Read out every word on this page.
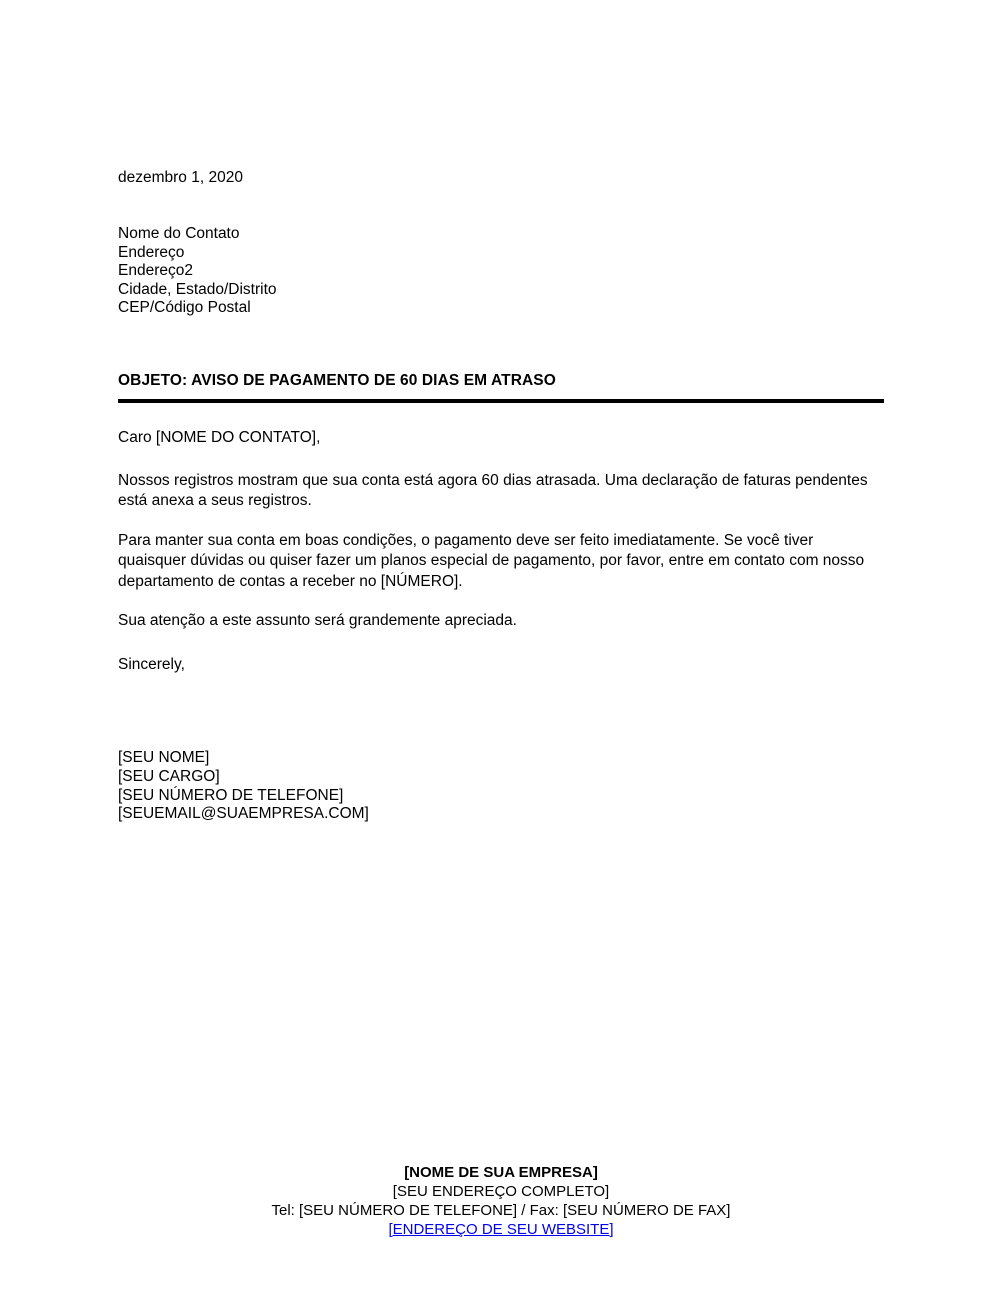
dezembro 1, 2020
Nome do Contato
Endereço
Endereço2
Cidade, Estado/Distrito
CEP/Código Postal
OBJETO: AVISO DE PAGAMENTO DE 60 DIAS EM ATRASO

Caro [NOME DO CONTATO],

Nossos registros mostram que sua conta está agora 60 dias atrasada. Uma declaração de faturas pendentes está anexa a seus registros.

Para manter sua conta em boas condições, o pagamento deve ser feito imediatamente. Se você tiver quaisquer dúvidas ou quiser fazer um planos especial de pagamento, por favor, entre em contato com nosso departamento de contas a receber no [NÚMERO].

Sua atenção a este assunto será grandemente apreciada.

Sincerely,
[SEU NOME]
[SEU CARGO]
[SEU NÚMERO DE TELEFONE]
[SEUEMAIL@SUAEMPRESA.COM]
[NOME DE SUA EMPRESA]
[SEU ENDEREÇO COMPLETO]
Tel: [SEU NÚMERO DE TELEFONE] / Fax: [SEU NÚMERO DE FAX]
[ENDEREÇO DE SEU WEBSITE]
